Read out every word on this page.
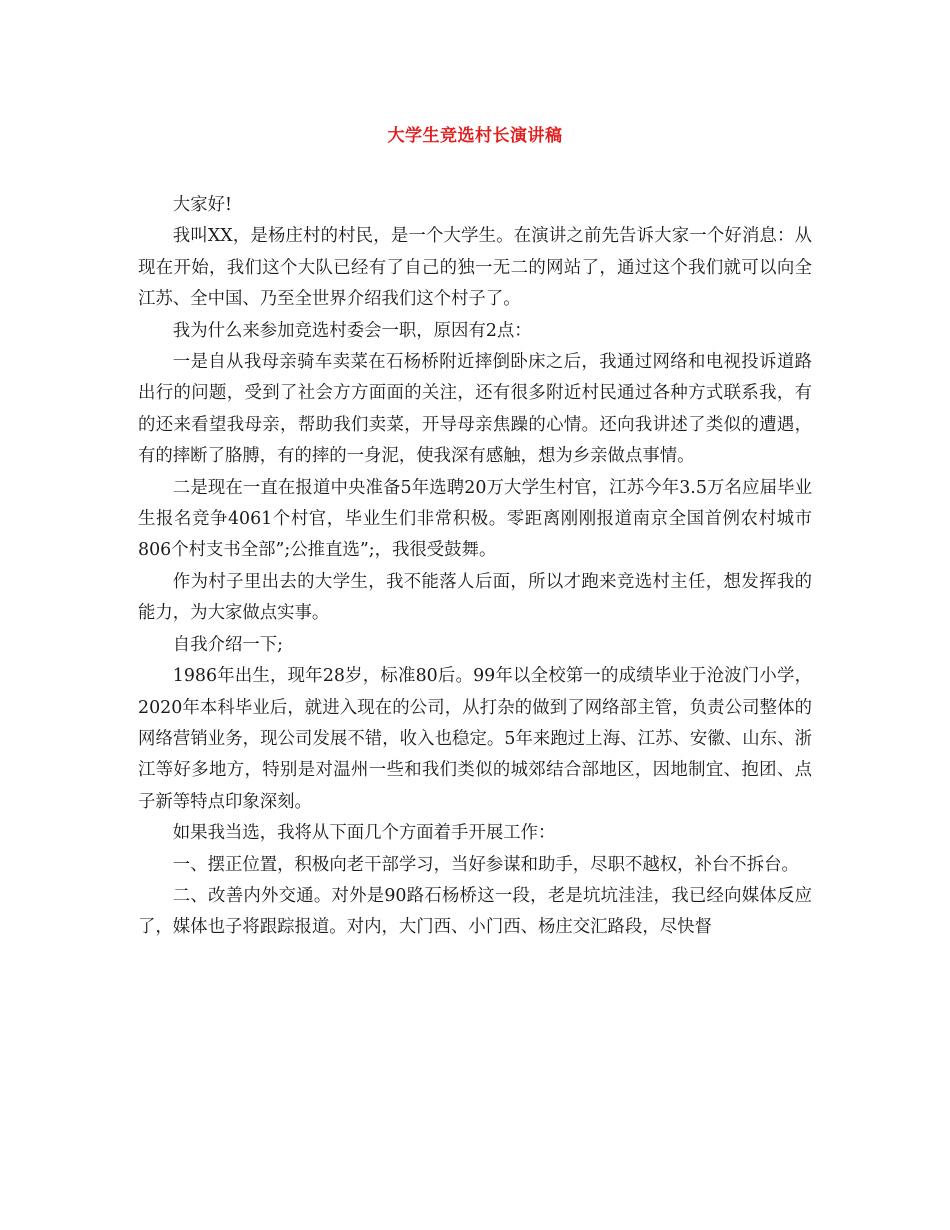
大学生竞选村长演讲稿

大家好!

我叫XX，是杨庄村的村民，是一个大学生。在演讲之前先告诉大家一个好消息：从现在开始，我们这个大队已经有了自己的独一无二的网站了，通过这个我们就可以向全江苏、全中国、乃至全世界介绍我们这个村子了。

我为什么来参加竞选村委会一职，原因有2点：

一是自从我母亲骑车卖菜在石杨桥附近摔倒卧床之后，我通过网络和电视投诉道路出行的问题，受到了社会方方面面的关注，还有很多附近村民通过各种方式联系我，有的还来看望我母亲，帮助我们卖菜，开导母亲焦躁的心情。还向我讲述了类似的遭遇，有的摔断了胳膊，有的摔的一身泥，使我深有感触，想为乡亲做点事情。

二是现在一直在报道中央准备5年选聘20万大学生村官，江苏今年3.5万名应届毕业生报名竞争4061个村官，毕业生们非常积极。零距离刚刚报道南京全国首例农村城市806个村支书全部”;公推直选”;，我很受鼓舞。

作为村子里出去的大学生，我不能落人后面，所以才跑来竞选村主任，想发挥我的能力，为大家做点实事。

自我介绍一下;

1986年出生，现年28岁，标准80后。99年以全校第一的成绩毕业于沧波门小学，2020年本科毕业后，就进入现在的公司，从打杂的做到了网络部主管，负责公司整体的网络营销业务，现公司发展不错，收入也稳定。5年来跑过上海、江苏、安徽、山东、浙江等好多地方，特别是对温州一些和我们类似的城郊结合部地区，因地制宜、抱团、点子新等特点印象深刻。

如果我当选，我将从下面几个方面着手开展工作：

一、摆正位置，积极向老干部学习，当好参谋和助手，尽职不越权，补台不拆台。

二、改善内外交通。对外是90路石杨桥这一段，老是坑坑洼洼，我已经向媒体反应了，媒体也子将跟踪报道。对内，大门西、小门西、杨庄交汇路段，尽快督
